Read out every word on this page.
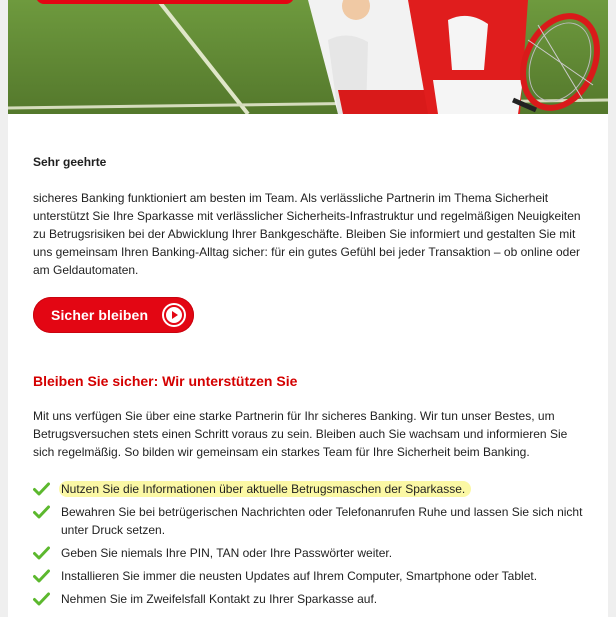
Sehr geehrte
sicheres Banking funktioniert am besten im Team. Als verlässliche Partnerin im Thema Sicherheit unterstützt Sie Ihre Sparkasse mit verlässlicher Sicherheits-Infrastruktur und regelmäßigen Neuigkeiten zu Betrugsrisiken bei der Abwicklung Ihrer Bankgeschäfte. Bleiben Sie informiert und gestalten Sie mit uns gemeinsam Ihren Banking-Alltag sicher: für ein gutes Gefühl bei jeder Transaktion – ob online oder am Geldautomaten.
Sicher bleiben
Bleiben Sie sicher: Wir unterstützen Sie
Mit uns verfügen Sie über eine starke Partnerin für Ihr sicheres Banking. Wir tun unser Bestes, um Betrugsversuchen stets einen Schritt voraus zu sein. Bleiben auch Sie wachsam und informieren Sie sich regelmäßig. So bilden wir gemeinsam ein starkes Team für Ihre Sicherheit beim Banking.
Nutzen Sie die Informationen über aktuelle Betrugsmaschen der Sparkasse.
Bewahren Sie bei betrügerischen Nachrichten oder Telefonanrufen Ruhe und lassen Sie sich nicht unter Druck setzen.
Geben Sie niemals Ihre PIN, TAN oder Ihre Passwörter weiter.
Installieren Sie immer die neusten Updates auf Ihrem Computer, Smartphone oder Tablet.
Nehmen Sie im Zweifelsfall Kontakt zu Ihrer Sparkasse auf.
